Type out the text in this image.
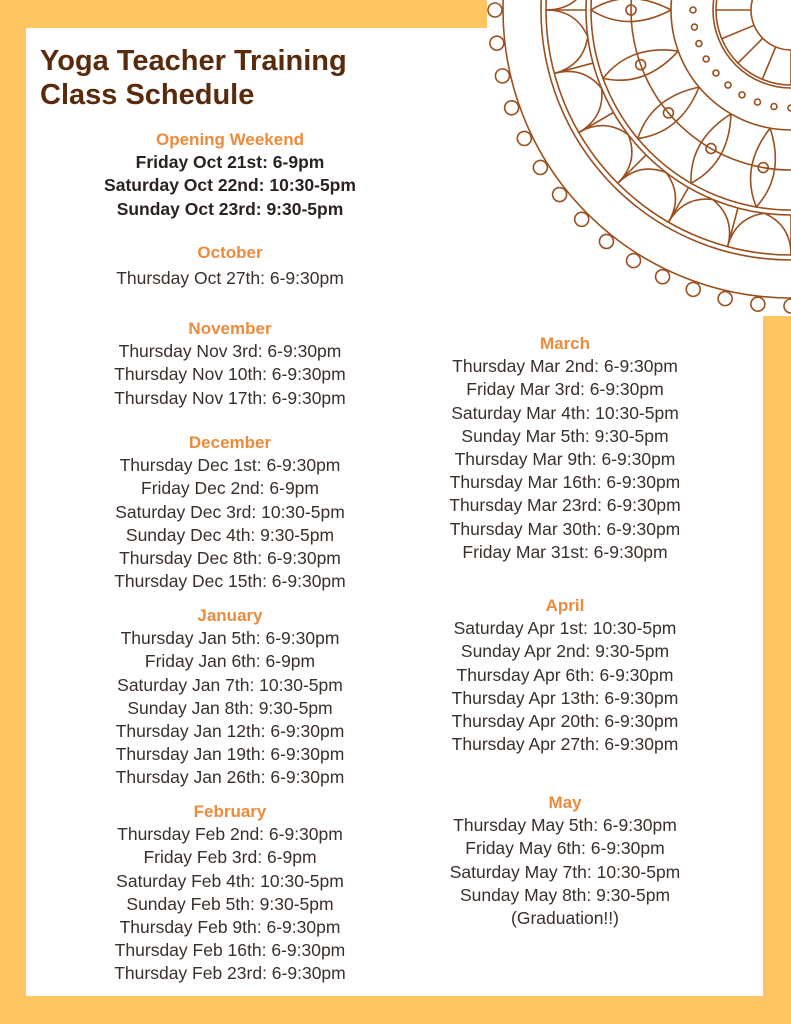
Yoga Teacher Training
Class Schedule
Opening Weekend
Friday Oct 21st: 6-9pm
Saturday Oct 22nd: 10:30-5pm
Sunday Oct 23rd: 9:30-5pm
October
Thursday Oct 27th: 6-9:30pm
November
Thursday Nov 3rd: 6-9:30pm
Thursday Nov 10th: 6-9:30pm
Thursday Nov 17th: 6-9:30pm
December
Thursday Dec 1st: 6-9:30pm
Friday Dec 2nd: 6-9pm
Saturday Dec 3rd: 10:30-5pm
Sunday Dec 4th: 9:30-5pm
Thursday Dec 8th: 6-9:30pm
Thursday Dec 15th: 6-9:30pm
January
Thursday Jan 5th: 6-9:30pm
Friday Jan 6th: 6-9pm
Saturday Jan 7th: 10:30-5pm
Sunday Jan 8th: 9:30-5pm
Thursday Jan 12th: 6-9:30pm
Thursday Jan 19th: 6-9:30pm
Thursday Jan 26th: 6-9:30pm
February
Thursday Feb 2nd: 6-9:30pm
Friday Feb 3rd: 6-9pm
Saturday Feb 4th: 10:30-5pm
Sunday Feb 5th: 9:30-5pm
Thursday Feb 9th: 6-9:30pm
Thursday Feb 16th: 6-9:30pm
Thursday Feb 23rd: 6-9:30pm
March
Thursday Mar 2nd: 6-9:30pm
Friday Mar 3rd: 6-9:30pm
Saturday Mar 4th: 10:30-5pm
Sunday Mar 5th: 9:30-5pm
Thursday Mar 9th: 6-9:30pm
Thursday Mar 16th: 6-9:30pm
Thursday Mar 23rd: 6-9:30pm
Thursday Mar 30th: 6-9:30pm
Friday Mar 31st: 6-9:30pm
April
Saturday Apr 1st: 10:30-5pm
Sunday Apr 2nd: 9:30-5pm
Thursday Apr 6th: 6-9:30pm
Thursday Apr 13th: 6-9:30pm
Thursday Apr 20th: 6-9:30pm
Thursday Apr 27th: 6-9:30pm
May
Thursday May 5th: 6-9:30pm
Friday May 6th: 6-9:30pm
Saturday May 7th: 10:30-5pm
Sunday May 8th: 9:30-5pm
(Graduation!!)
